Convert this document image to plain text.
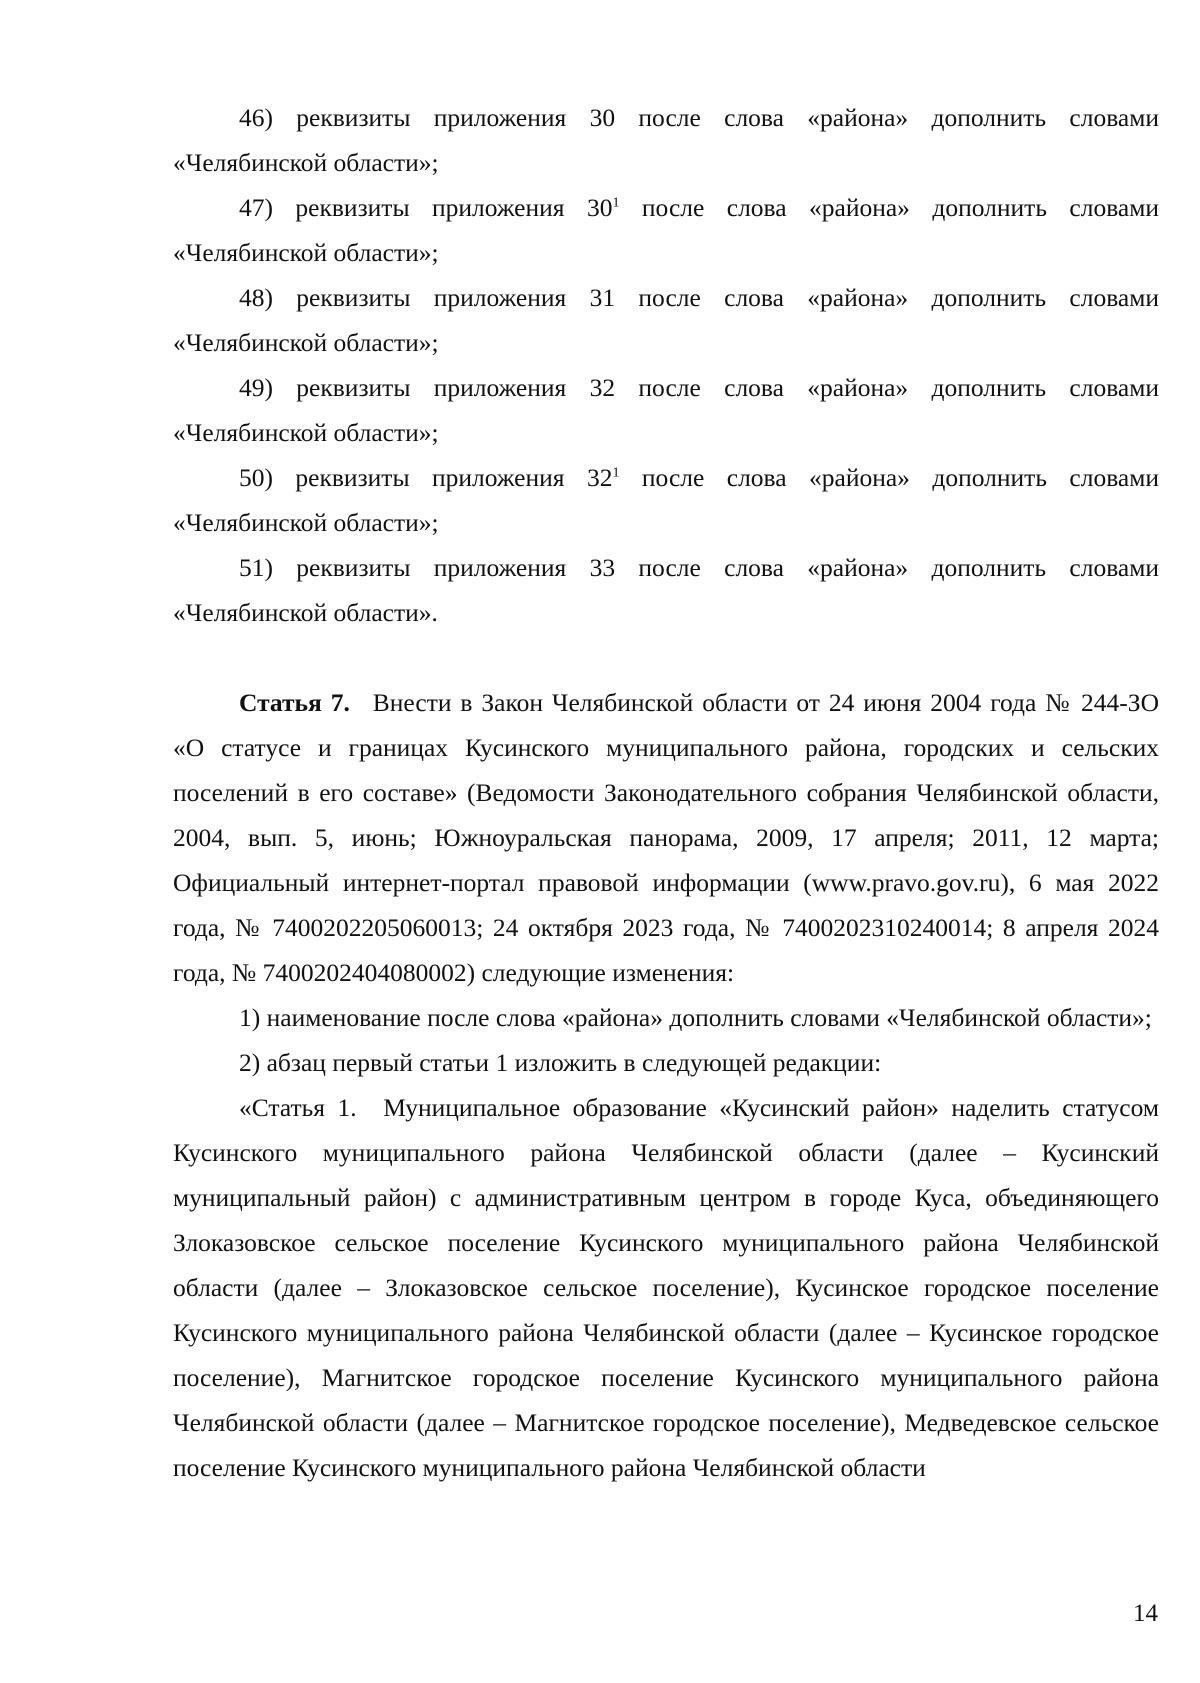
46) реквизиты приложения 30 после слова «района» дополнить словами «Челябинской области»;

47) реквизиты приложения $30^1$ после слова «района» дополнить словами «Челябинской области»;

48) реквизиты приложения 31 после слова «района» дополнить словами «Челябинской области»;

49) реквизиты приложения 32 после слова «района» дополнить словами «Челябинской области»;

50) реквизиты приложения $32^1$ после слова «района» дополнить словами «Челябинской области»;

51) реквизиты приложения 33 после слова «района» дополнить словами «Челябинской области».

Статья 7. Внести в Закон Челябинской области от 24 июня 2004 года № 244-ЗО «О статусе и границах Кусинского муниципального района, городских и сельских поселений в его составе» (Ведомости Законодательного собрания Челябинской области, 2004, вып. 5, июнь; Южноуральская панорама, 2009, 17 апреля; 2011, 12 марта; Официальный интернет-портал правовой информации (www.pravo.gov.ru), 6 мая 2022 года, № 7400202205060013; 24 октября 2023 года, № 7400202310240014; 8 апреля 2024 года, № 7400202404080002) следующие изменения:

1) наименование после слова «района» дополнить словами «Челябинской области»;

2) абзац первый статьи 1 изложить в следующей редакции:

«Статья 1. Муниципальное образование «Кусинский район» наделить статусом Кусинского муниципального района Челябинской области (далее – Кусинский муниципальный район) с административным центром в городе Куса, объединяющего Злоказовское сельское поселение Кусинского муниципального района Челябинской области (далее – Злоказовское сельское поселение), Кусинское городское поселение Кусинского муниципального района Челябинской области (далее – Кусинское городское поселение), Магнитское городское поселение Кусинского муниципального района Челябинской области (далее – Магнитское городское поселение), Медведевское сельское поселение Кусинского муниципального района Челябинской области

14
